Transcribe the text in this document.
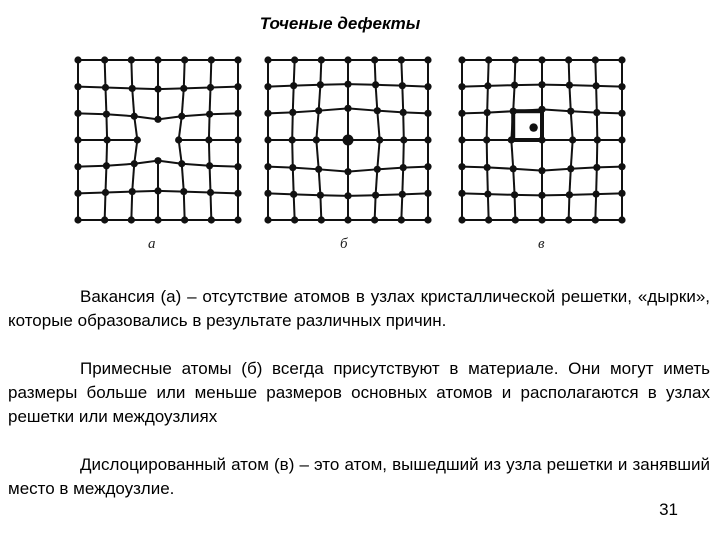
Точеные дефекты
а	б	в
Вакансия (а) – отсутствие атомов в узлах кристаллической решетки, «дырки», которые образовались в результате различных причин.
Примесные атомы (б) всегда присутствуют в материале. Они могут иметь размеры больше или меньше размеров основных атомов и располагаются в узлах решетки или междоузлиях
Дислоцированный атом (в) – это атом, вышедший из узла решетки и занявший место в междоузлие.
31
